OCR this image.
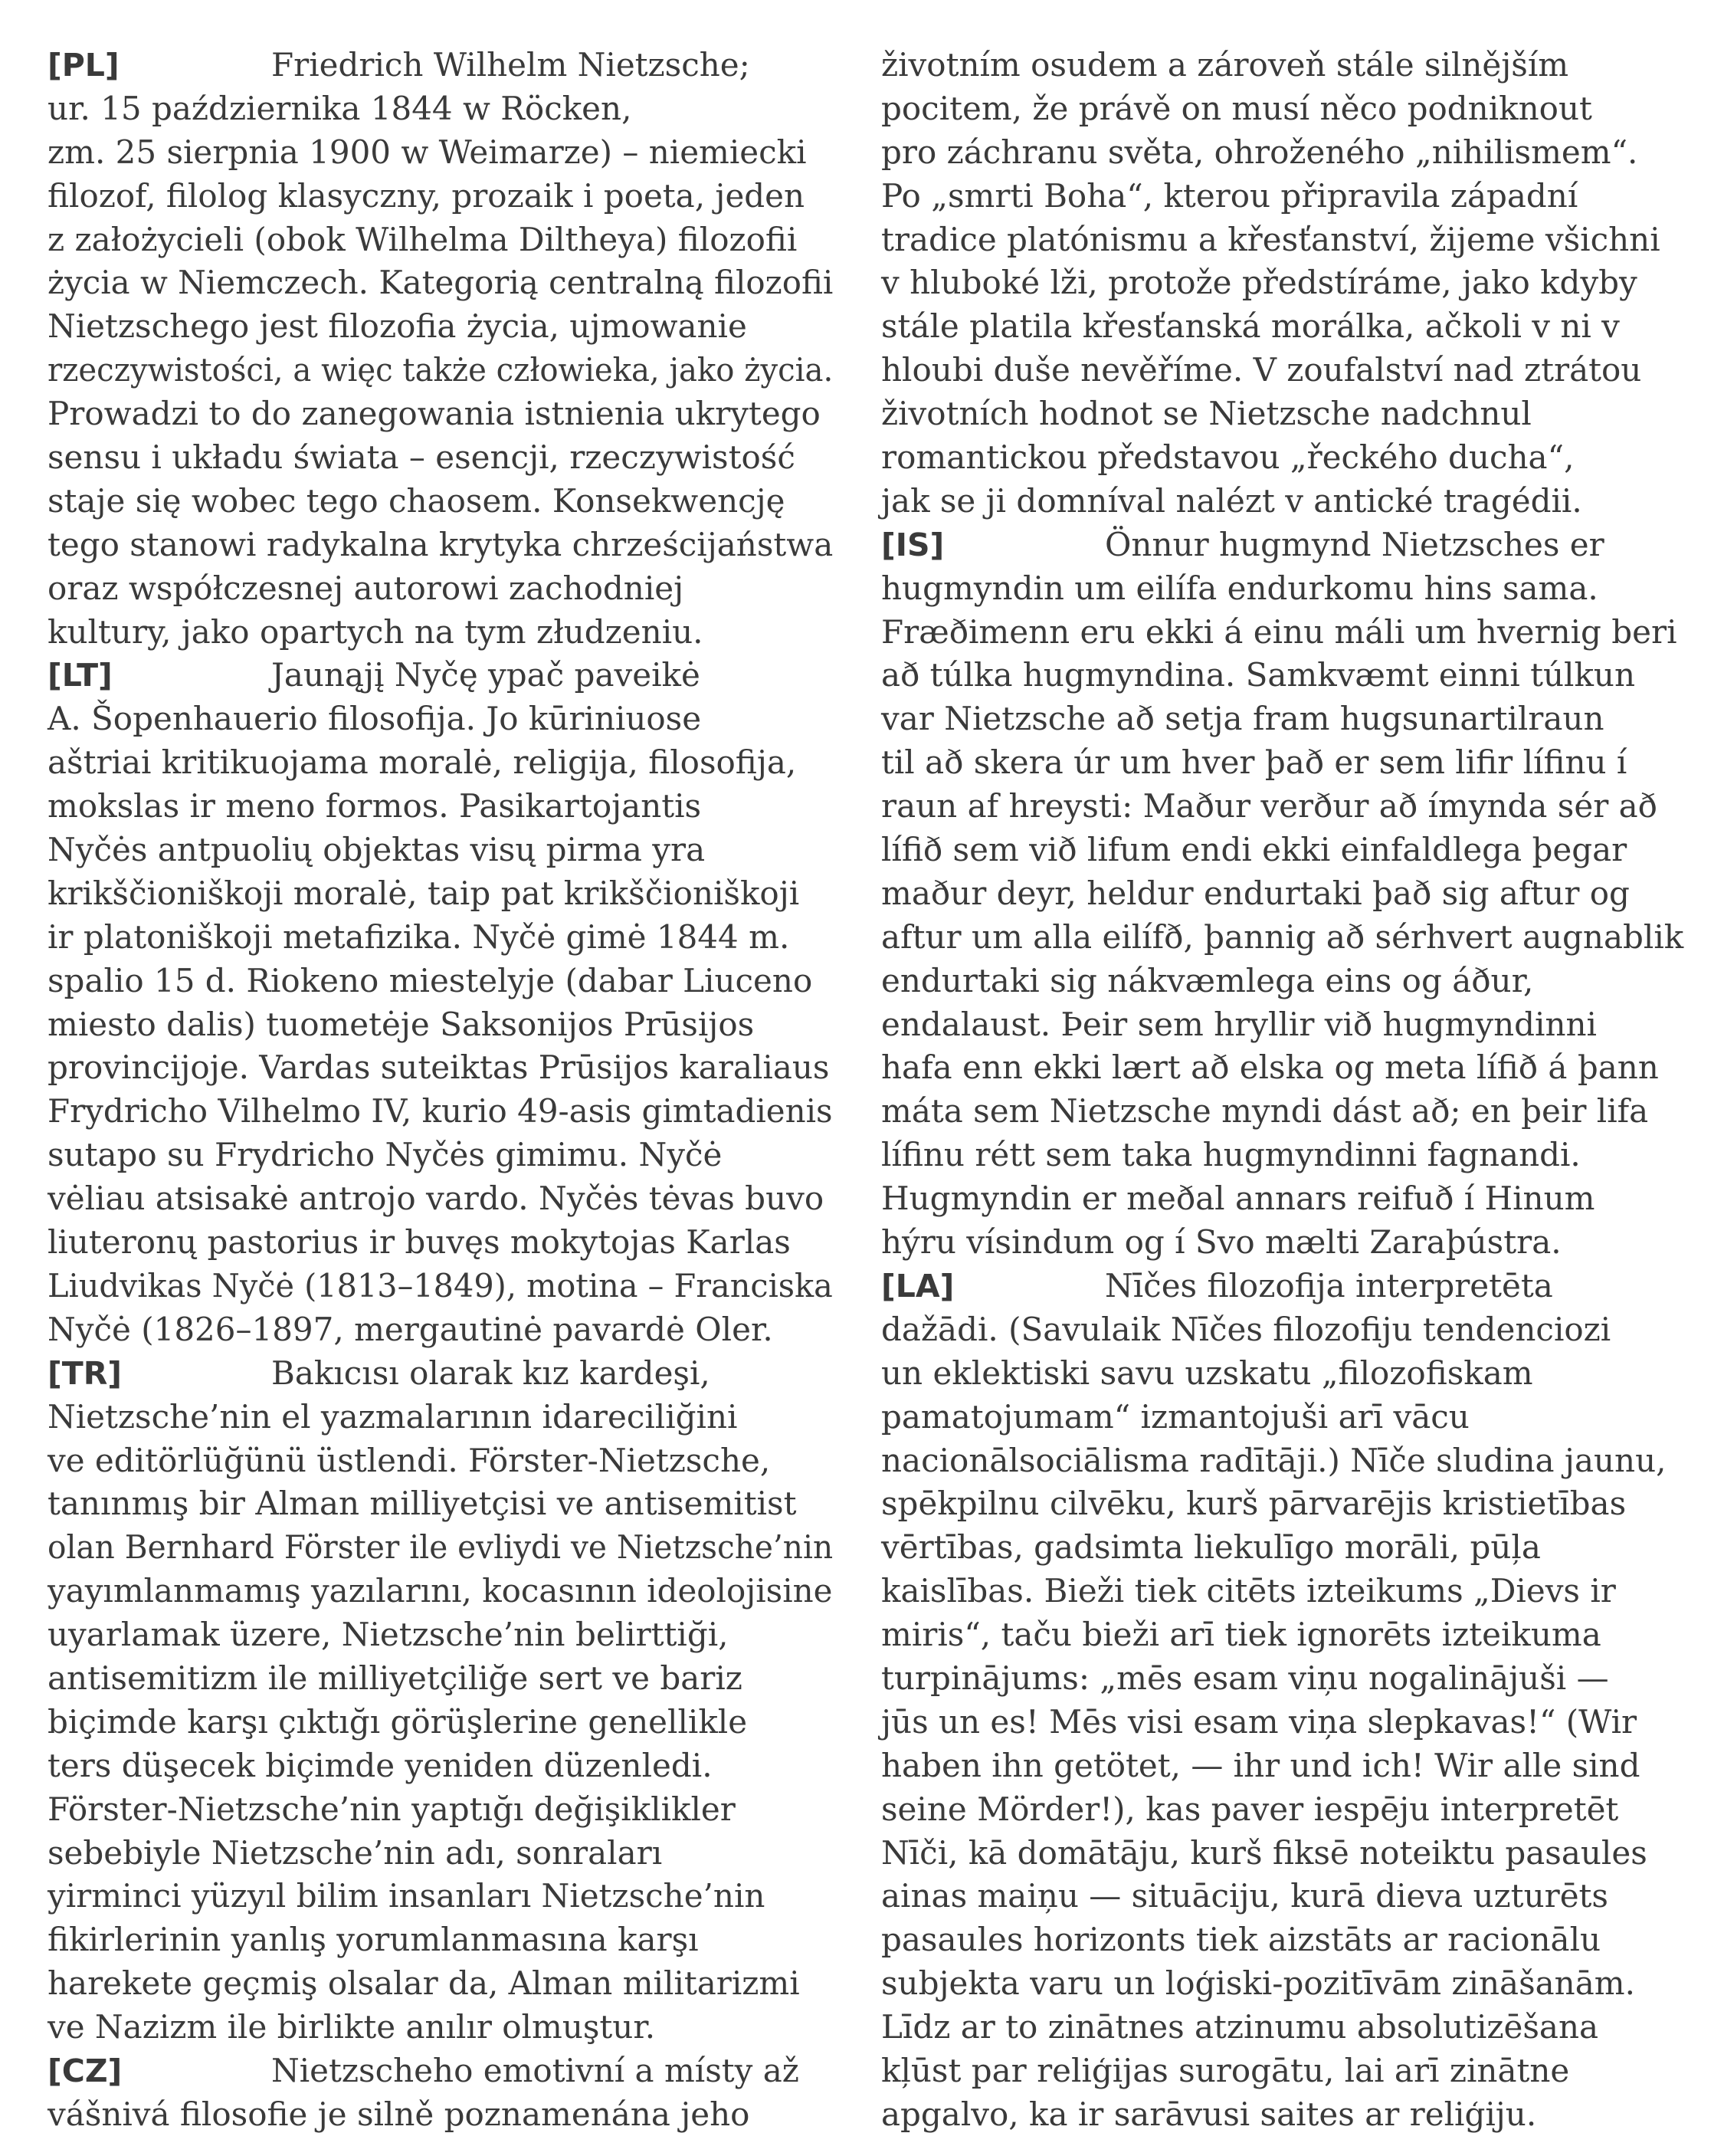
[PL]	Friedrich Wilhelm Nietzsche;
ur. 15 października 1844 w Röcken,
zm. 25 sierpnia 1900 w Weimarze) – niemiecki
filozof, filolog klasyczny, prozaik i poeta, jeden
z założycieli (obok Wilhelma Diltheya) filozofii
życia w Niemczech. Kategorią centralną filozofii
Nietzschego jest filozofia życia, ujmowanie
rzeczywistości, a więc także człowieka, jako życia.
Prowadzi to do zanegowania istnienia ukrytego
sensu i układu świata – esencji, rzeczywistość
staje się wobec tego chaosem. Konsekwencję
tego stanowi radykalna krytyka chrześcijaństwa
oraz współczesnej autorowi zachodniej
kultury, jako opartych na tym złudzeniu.
[LT]	Jaunąjį Nyčę ypač paveikė
A. Šopenhauerio filosofija. Jo kūriniuose
aštriai kritikuojama moralė, religija, filosofija,
mokslas ir meno formos. Pasikartojantis
Nyčės antpuolių objektas visų pirma yra
krikščioniškoji moralė, taip pat krikščioniškoji
ir platoniškoji metafizika. Nyčė gimė 1844 m.
spalio 15 d. Riokeno miestelyje (dabar Liuceno
miesto dalis) tuometėje Saksonijos Prūsijos
provincijoje. Vardas suteiktas Prūsijos karaliaus
Frydricho Vilhelmo IV, kurio 49-asis gimtadienis
sutapo su Frydricho Nyčės gimimu. Nyčė
vėliau atsisakė antrojo vardo. Nyčės tėvas buvo
liuteronų pastorius ir buvęs mokytojas Karlas
Liudvikas Nyčė (1813–1849), motina – Franciska
Nyčė (1826–1897, mergautinė pavardė Oler.
[TR]	Bakıcısı olarak kız kardeşi,
Nietzsche’nin el yazmalarının idareciliğini
ve editörlüğünü üstlendi. Förster-Nietzsche,
tanınmış bir Alman milliyetçisi ve antisemitist
olan Bernhard Förster ile evliydi ve Nietzsche’nin
yayımlanmamış yazılarını, kocasının ideolojisine
uyarlamak üzere, Nietzsche’nin belirttiği,
antisemitizm ile milliyetçiliğe sert ve bariz
biçimde karşı çıktığı görüşlerine genellikle
ters düşecek biçimde yeniden düzenledi.
Förster-Nietzsche’nin yaptığı değişiklikler
sebebiyle Nietzsche’nin adı, sonraları
yirminci yüzyıl bilim insanları Nietzsche’nin
fikirlerinin yanlış yorumlanmasına karşı
harekete geçmiş olsalar da, Alman militarizmi
ve Nazizm ile birlikte anılır olmuştur.
[CZ]	Nietzscheho emotivní a místy až
vášnivá filosofie je silně poznamenána jeho
životním osudem a zároveň stále silnějším
pocitem, že právě on musí něco podniknout
pro záchranu světa, ohroženého „nihilismem“.
Po „smrti Boha“, kterou připravila západní
tradice platónismu a křesťanství, žijeme všichni
v hluboké lži, protože předstíráme, jako kdyby
stále platila křesťanská morálka, ačkoli v ni v
hloubi duše nevěříme. V zoufalství nad ztrátou
životních hodnot se Nietzsche nadchnul
romantickou představou „řeckého ducha“,
jak se ji domníval nalézt v antické tragédii.
[IS]	Önnur hugmynd Nietzsches er
hugmyndin um eilífa endurkomu hins sama.
Fræðimenn eru ekki á einu máli um hvernig beri
að túlka hugmyndina. Samkvæmt einni túlkun
var Nietzsche að setja fram hugsunartilraun
til að skera úr um hver það er sem lifir lífinu í
raun af hreysti: Maður verður að ímynda sér að
lífið sem við lifum endi ekki einfaldlega þegar
maður deyr, heldur endurtaki það sig aftur og
aftur um alla eilífð, þannig að sérhvert augnablik
endurtaki sig nákvæmlega eins og áður,
endalaust. Þeir sem hryllir við hugmyndinni
hafa enn ekki lært að elska og meta lífið á þann
máta sem Nietzsche myndi dást að; en þeir lifa
lífinu rétt sem taka hugmyndinni fagnandi.
Hugmyndin er meðal annars reifuð í Hinum
hýru vísindum og í Svo mælti Zaraþústra.
[LA]	Nīčes filozofija interpretēta
dažādi. (Savulaik Nīčes filozofiju tendenciozi
un eklektiski savu uzskatu „filozofiskam
pamatojumam“ izmantojuši arī vācu
nacionālsociālisma radītāji.) Nīče sludina jaunu,
spēkpilnu cilvēku, kurš pārvarējis kristietības
vērtības, gadsimta liekulīgo morāli, pūļa
kaislības. Bieži tiek citēts izteikums „Dievs ir
miris“, taču bieži arī tiek ignorēts izteikuma
turpinājums: „mēs esam viņu nogalinājuši —
jūs un es! Mēs visi esam viņa slepkavas!“ (Wir
haben ihn getötet, — ihr und ich! Wir alle sind
seine Mörder!), kas paver iespēju interpretēt
Nīči, kā domātāju, kurš fiksē noteiktu pasaules
ainas maiņu — situāciju, kurā dieva uzturēts
pasaules horizonts tiek aizstāts ar racionālu
subjekta varu un loģiski-pozitīvām zināšanām.
Līdz ar to zinātnes atzinumu absolutizēšana
kļūst par reliģijas surogātu, lai arī zinātne
apgalvo, ka ir sarāvusi saites ar reliģiju.
